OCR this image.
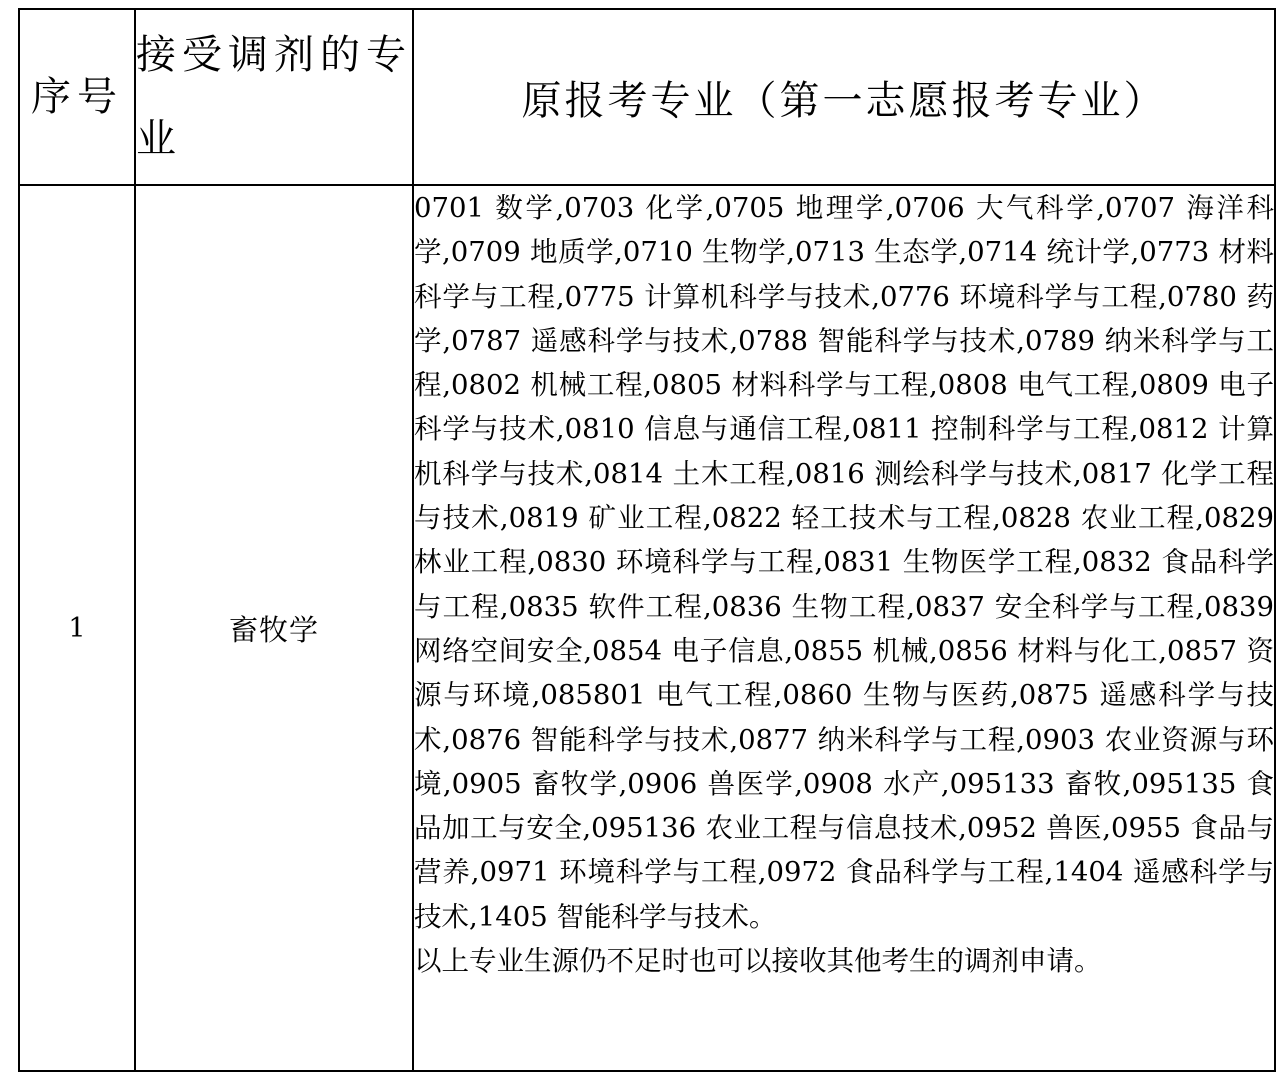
序号	接受调剂的专业	原报考专业（第一志愿报考专业）
1	畜牧学	0701 数学,0703 化学,0705 地理学,0706 大气科学,0707 海洋科学,0709 地质学,0710 生物学,0713 生态学,0714 统计学,0773 材料科学与工程,0775 计算机科学与技术,0776 环境科学与工程,0780 药学,0787 遥感科学与技术,0788 智能科学与技术,0789 纳米科学与工程,0802 机械工程,0805 材料科学与工程,0808 电气工程,0809 电子科学与技术,0810 信息与通信工程,0811 控制科学与工程,0812 计算机科学与技术,0814 土木工程,0816 测绘科学与技术,0817 化学工程与技术,0819 矿业工程,0822 轻工技术与工程,0828 农业工程,0829 林业工程,0830 环境科学与工程,0831 生物医学工程,0832 食品科学与工程,0835 软件工程,0836 生物工程,0837 安全科学与工程,0839 网络空间安全,0854 电子信息,0855 机械,0856 材料与化工,0857 资源与环境,085801 电气工程,0860 生物与医药,0875 遥感科学与技术,0876 智能科学与技术,0877 纳米科学与工程,0903 农业资源与环境,0905 畜牧学,0906 兽医学,0908 水产,095133 畜牧,095135 食品加工与安全,095136 农业工程与信息技术,0952 兽医,0955 食品与营养,0971 环境科学与工程,0972 食品科学与工程,1404 遥感科学与技术,1405 智能科学与技术。

以上专业生源仍不足时也可以接收其他考生的调剂申请。
